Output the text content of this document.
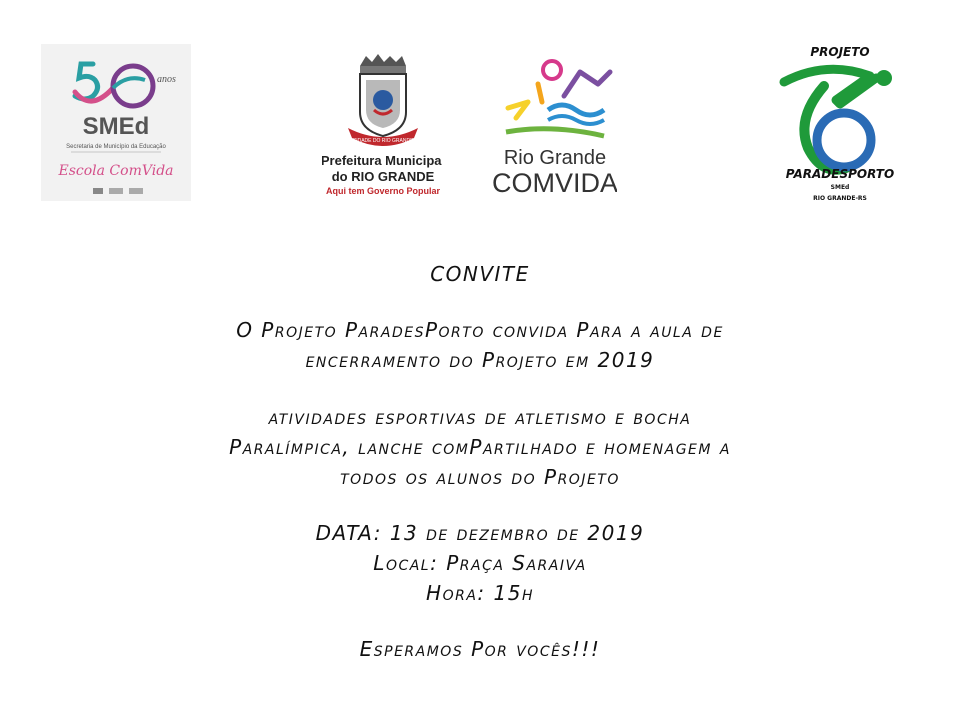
anos
SMEd
Secretaria de Município da Educação
Escola ComVida
CIDADE DO RIO GRANDE
Prefeitura Municipal
do RIO GRANDE
Aqui tem Governo Popular
Rio Grande
COMVIDA
PROJETO
PARADESPORTO
SMEd
RIO GRANDE-RS
CONVITE
O Projeto ParadesPorto convida Para a aula de
encerramento do Projeto em 2019
atividades esportivas de atletismo e bocha
Paralímpica, lanche comPartilhado e homenagem a
todos os alunos do Projeto
DATA: 13 de dezembro de 2019
Local: Praça Saraiva
Hora: 15h
Esperamos Por vocês!!!
